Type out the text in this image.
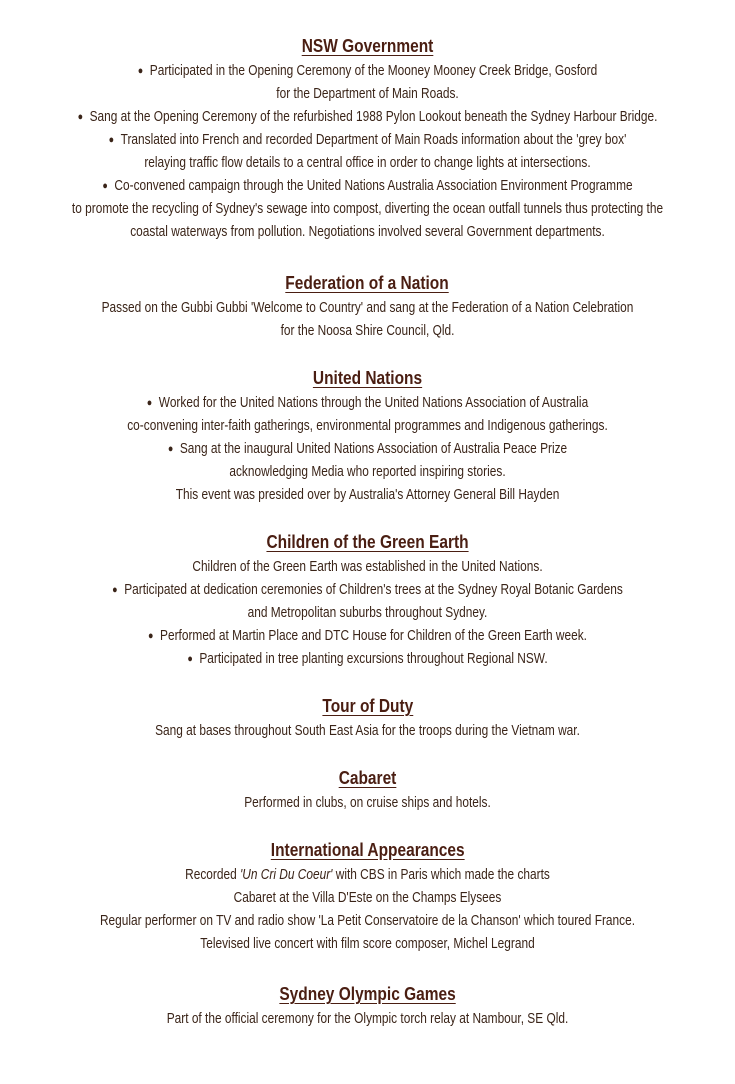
NSW Government
● Participated in the Opening Ceremony of the Mooney Mooney Creek Bridge, Gosford
for the Department of Main Roads.
● Sang at the Opening Ceremony of the refurbished 1988 Pylon Lookout beneath the Sydney Harbour Bridge.
● Translated into French and recorded Department of Main Roads information about the 'grey box'
relaying traffic flow details to a central office in order to change lights at intersections.
● Co-convened campaign through the United Nations Australia Association Environment Programme
to promote the recycling of Sydney's sewage into compost, diverting the ocean outfall tunnels thus protecting the
coastal waterways from pollution. Negotiations involved several Government departments.
Federation of a Nation
Passed on the Gubbi Gubbi 'Welcome to Country' and sang at the Federation of a Nation Celebration
for the Noosa Shire Council, Qld.
United Nations
● Worked for the United Nations through the United Nations Association of Australia
co-convening inter-faith gatherings, environmental programmes and Indigenous gatherings.
● Sang at the inaugural United Nations Association of Australia Peace Prize
acknowledging Media who reported inspiring stories.
This event was presided over by Australia's Attorney General Bill Hayden
Children of the Green Earth
Children of the Green Earth was established in the United Nations.
● Participated at dedication ceremonies of Children's trees at the Sydney Royal Botanic Gardens
and Metropolitan suburbs throughout Sydney.
● Performed at Martin Place and DTC House for Children of the Green Earth week.
● Participated in tree planting excursions throughout Regional NSW.
Tour of Duty
Sang at bases throughout South East Asia for the troops during the Vietnam war.
Cabaret
Performed in clubs, on cruise ships and hotels.
International Appearances
Recorded 'Un Cri Du Coeur' with CBS in Paris which made the charts
Cabaret at the Villa D'Este on the Champs Elysees
Regular performer on TV and radio show 'La Petit Conservatoire de la Chanson' which toured France.
Televised live concert with film score composer, Michel Legrand
Sydney Olympic Games
Part of the official ceremony for the Olympic torch relay at Nambour, SE Qld.
